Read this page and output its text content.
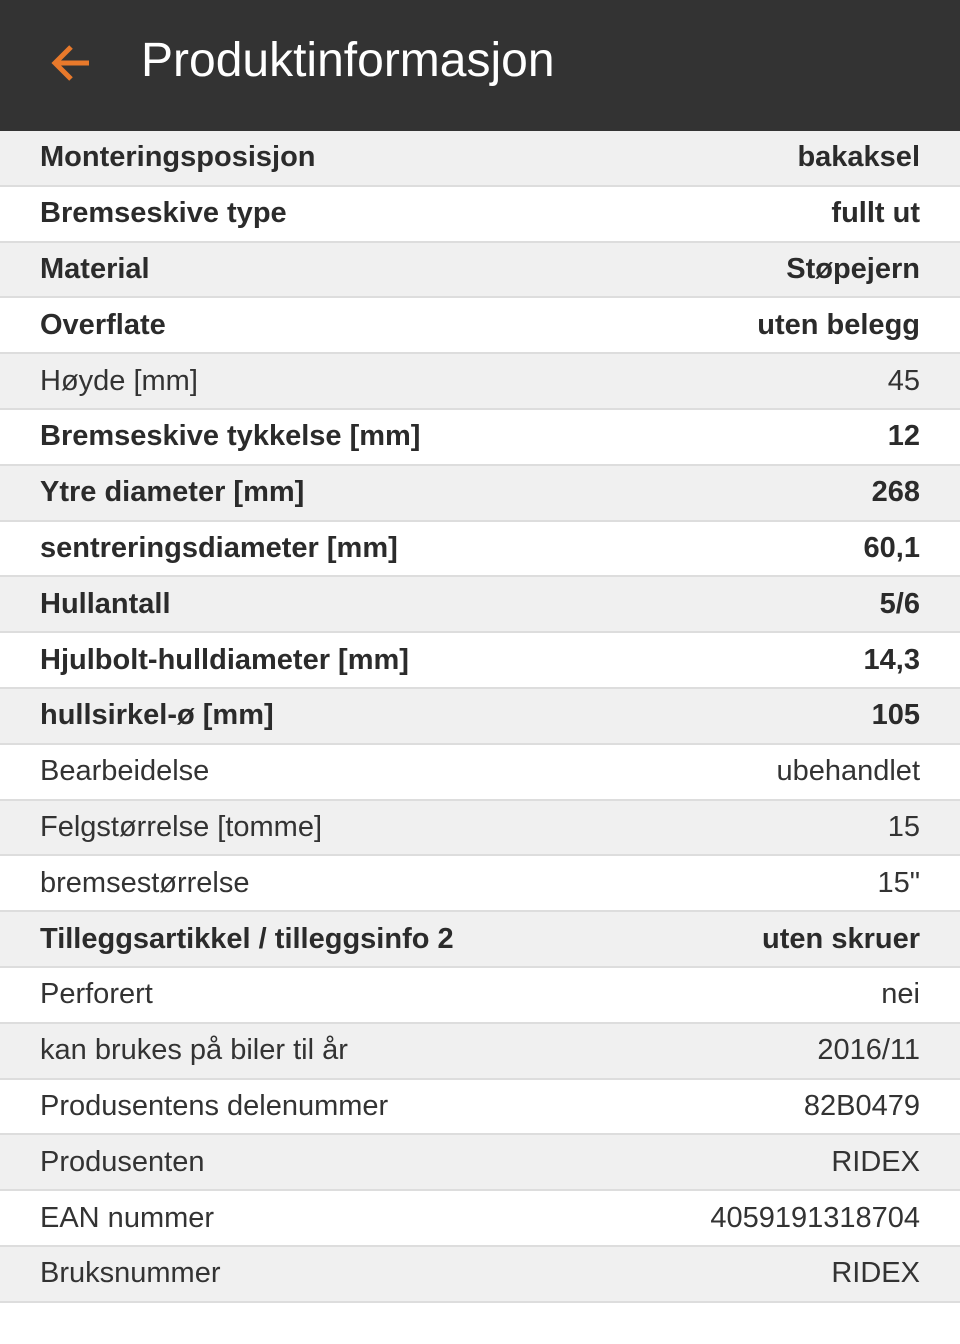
Produktinformasjon
Monteringsposisjon	bakaksel
Bremseskive type	fullt ut
Material	Støpejern
Overflate	uten belegg
Høyde [mm]	45
Bremseskive tykkelse [mm]	12
Ytre diameter [mm]	268
sentreringsdiameter [mm]	60,1
Hullantall	5/6
Hjulbolt-hulldiameter [mm]	14,3
hullsirkel-ø [mm]	105
Bearbeidelse	ubehandlet
Felgstørrelse [tomme]	15
bremsestørrelse	15"
Tilleggsartikkel / tilleggsinfo 2	uten skruer
Perforert	nei
kan brukes på biler til år	2016/11
Produsentens delenummer	82B0479
Produsenten	RIDEX
EAN nummer	4059191318704
Bruksnummer	RIDEX
